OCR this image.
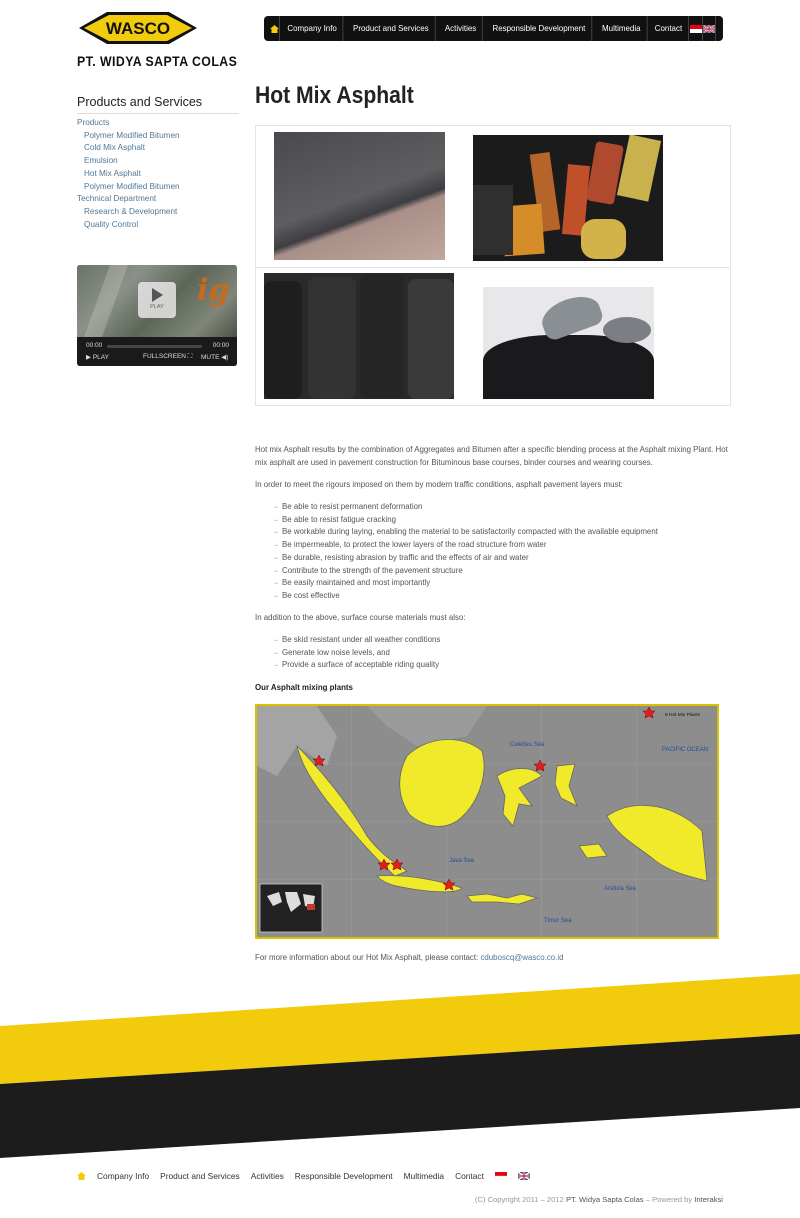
WASCO
PT. WIDYA SAPTA COLAS
Company Info	Product and Services	Activities	Responsible Development	Multimedia	Contact
Products and Services
Products
Polymer Modified Bitumen
Cold Mix Asphalt
Emulsion
Hot Mix Asphalt
Polymer Modified Bitumen
Technical Department
Research & Development
Quality Control
ig
PLAY
00:00	00:00
▶ PLAY	FULLSCREEN ⛶ MUTE ◀)
Hot Mix Asphalt

Hot mix Asphalt results by the combination of Aggregates and Bitumen after a specific blending process at the Asphalt mixing Plant. Hot mix asphalt are used in pavement construction for Bituminous base courses, binder courses and wearing courses.

In order to meet the rigours imposed on them by modern traffic conditions, asphalt pavement layers must:

→ Be able to resist permanent deformation
→ Be able to resist fatigue cracking
→ Be workable during laying, enabling the material to be satisfactorily compacted with the available equipment
→ Be impermeable, to protect the lower layers of the road structure from water
→ Be durable, resisting abrasion by traffic and the effects of air and water
→ Contribute to the strength of the pavement structure
→ Be easily maintained and most importantly
→ Be cost effective

In addition to the above, surface course materials must also:

→ Be skid resistant under all weather conditions
→ Generate low noise levels, and
→ Provide a surface of acceptable riding quality

Our Asphalt mixing plants

6 Hot Mix Plants
Celebes Sea
PACIFIC OCEAN
Java Sea
Arafura Sea
Timur Sea

For more information about our Hot Mix Asphalt, please contact: cduboscq@wasco.co.id

Company Info Product and Services Activities Responsible Development Multimedia Contact
(C) Copyright 2011 – 2012 PT. Widya Sapta Colas – Powered by Interaksi
